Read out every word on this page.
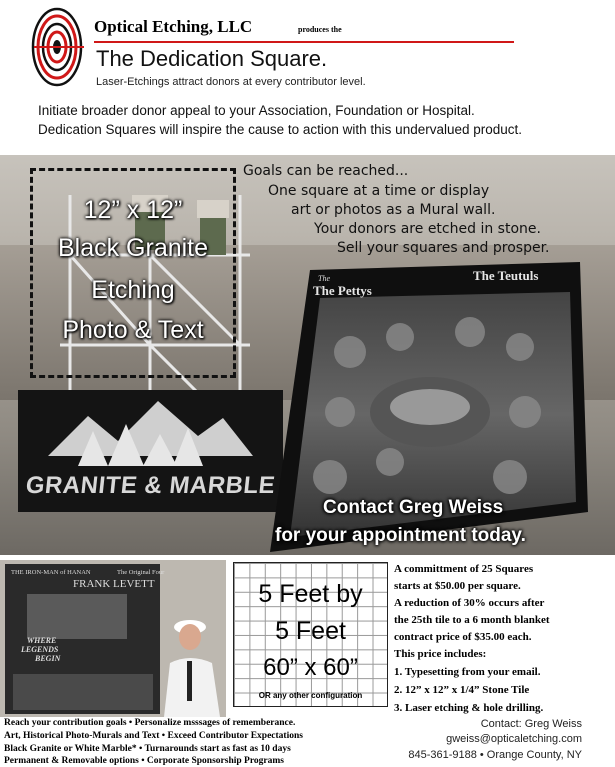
Optical Etching, LLC	produces the
The Dedication Square.
Laser-Etchings attract donors at every contributor level.
Initiate broader donor appeal to your Association, Foundation or Hospital.
Dedication Squares will inspire the cause to action with this undervalued product.
GRANITE & MARBLE
12” x 12”
Black Granite
Etching
Photo & Text
Goals can be reached...
One square at a time or display
art or photos as a Mural wall.
Your donors are etched in stone.
Sell your squares and prosper.
The
The Pettys
The Teutuls
Contact Greg Weiss
for your appointment today.
THE IRON-MAN of HANAN	The Original Four
FRANK LEVETT
WHERE
LEGENDS
BEGIN
5 Feet by
5 Feet
60” x 60”
OR any other configuration
A committment of 25 Squares
starts at $50.00 per square.
A reduction of 30% occurs after
the 25th tile to a 6 month blanket
contract price of $35.00 each.
This price includes:
1. Typesetting from your email.
2. 12” x 12” x 1/4” Stone Tile
3. Laser etching & hole drilling.
Contact: Greg Weiss
gweiss@opticaletching.com
845-361-9188 • Orange County, NY
Reach your contribution goals • Personalize msssages of rememberance.
Art, Historical Photo-Murals and Text • Exceed Contributor Expectations
Black Granite or White Marble* • Turnarounds start as fast as 10 days
Permanent & Removable options • Corporate Sponsorship Programs
